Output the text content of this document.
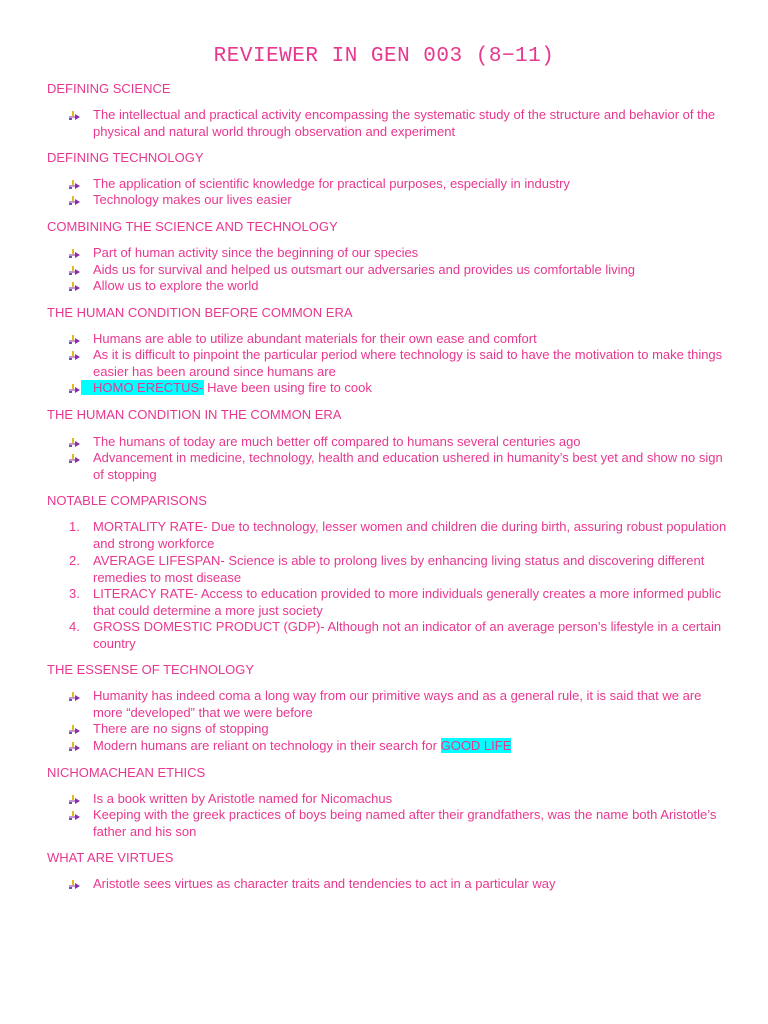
REVIEWER IN GEN 003 (8−11)
DEFINING SCIENCE
The intellectual and practical activity encompassing the systematic study of the structure and behavior of the physical and natural world through observation and experiment
DEFINING TECHNOLOGY
The application of scientific knowledge for practical purposes, especially in industry
Technology makes our lives easier
COMBINING THE SCIENCE AND TECHNOLOGY
Part of human activity since the beginning of our species
Aids us for survival and helped us outsmart our adversaries and provides us comfortable living
Allow us to explore the world
THE HUMAN CONDITION BEFORE COMMON ERA
Humans are able to utilize abundant materials for their own ease and comfort
As it is difficult to pinpoint the particular period where technology is said to have the motivation to make things easier has been around since humans are
HOMO ERECTUS- Have been using fire to cook
THE HUMAN CONDITION IN THE COMMON ERA
The humans of today are much better off compared to humans several centuries ago
Advancement in medicine, technology, health and education ushered in humanity’s best yet and show no sign of stopping
NOTABLE COMPARISONS
1. MORTALITY RATE- Due to technology, lesser women and children die during birth, assuring robust population and strong workforce
2. AVERAGE LIFESPAN- Science is able to prolong lives by enhancing living status and discovering different remedies to most disease
3. LITERACY RATE- Access to education provided to more individuals generally creates a more informed public that could determine a more just society
4. GROSS DOMESTIC PRODUCT (GDP)- Although not an indicator of an average person’s lifestyle in a certain country
THE ESSENSE OF TECHNOLOGY
Humanity has indeed coma a long way from our primitive ways and as a general rule, it is said that we are more “developed” that we were before
There are no signs of stopping
Modern humans are reliant on technology in their search for GOOD LIFE
NICHOMACHEAN ETHICS
Is a book written by Aristotle named for Nicomachus
Keeping with the greek practices of boys being named after their grandfathers, was the name both Aristotle’s father and his son
WHAT ARE VIRTUES
Aristotle sees virtues as character traits and tendencies to act in a particular way
